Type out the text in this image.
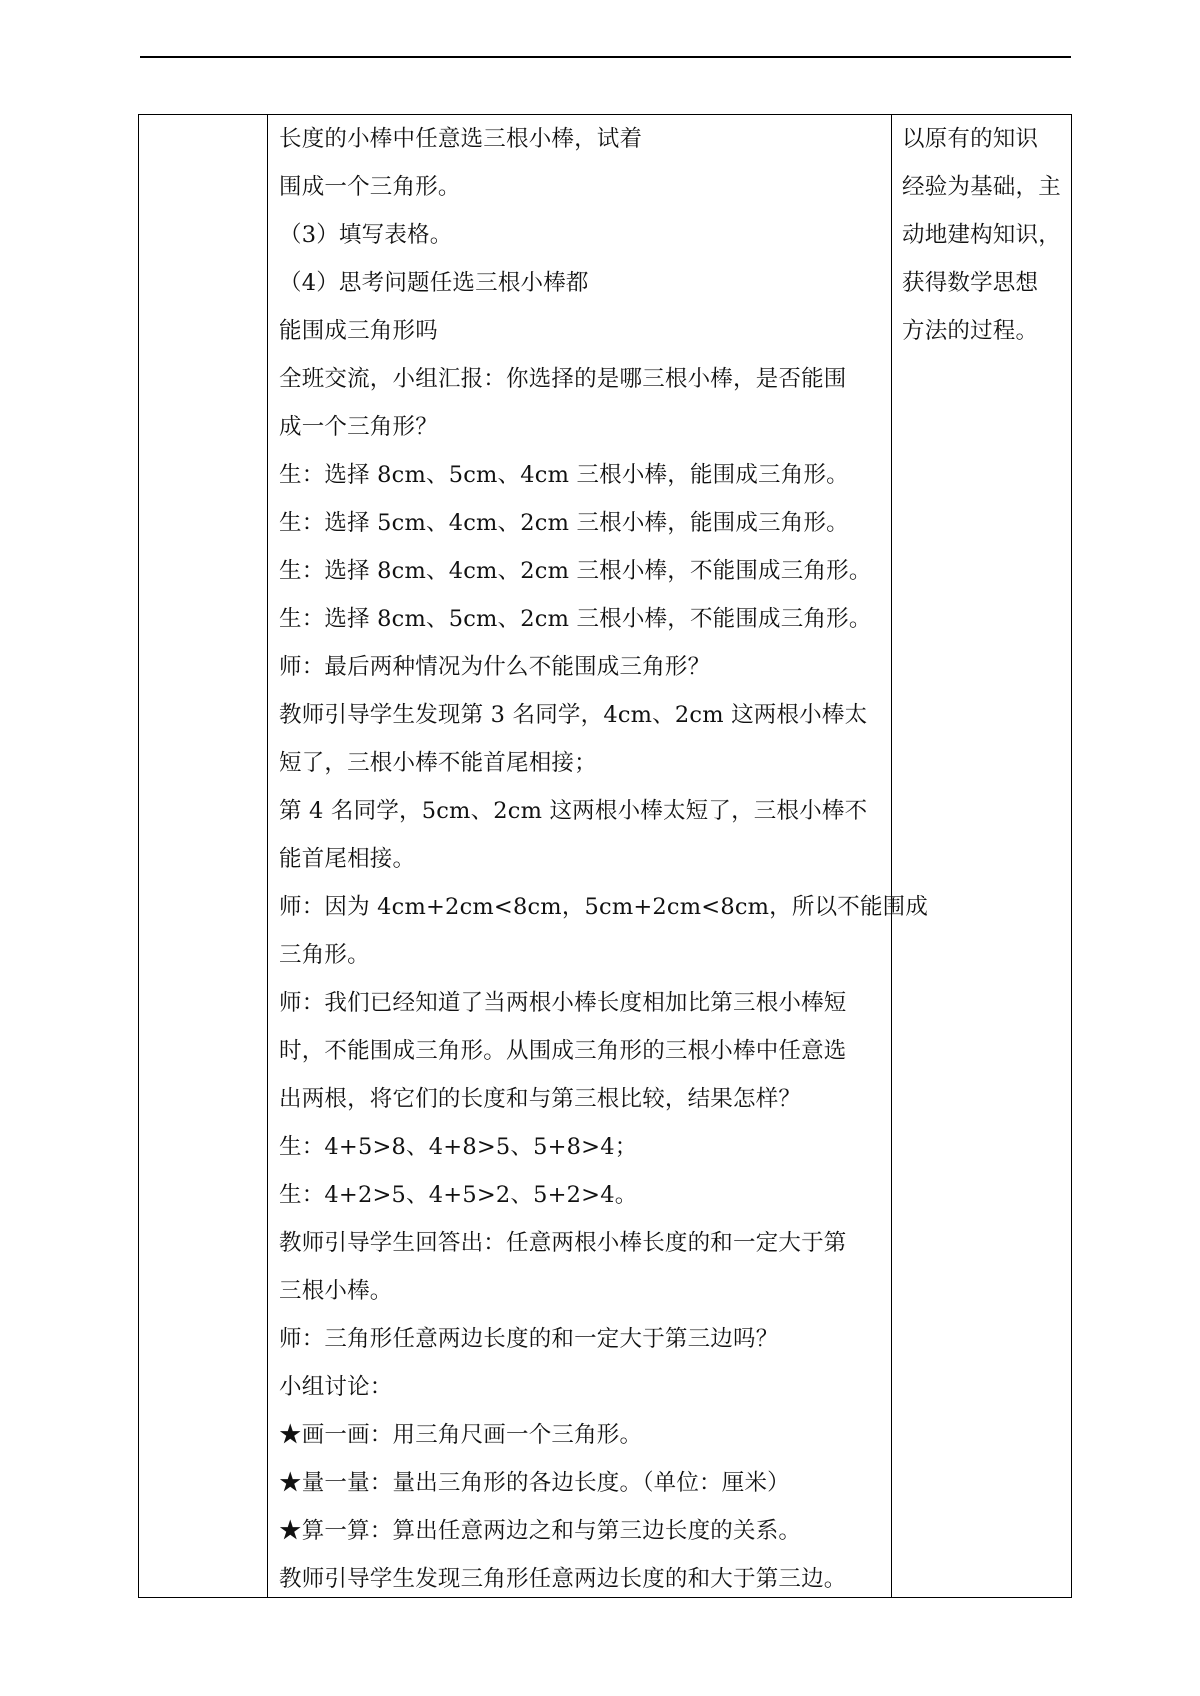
长度的小棒中任意选三根小棒，试着
围成一个三角形。
（3）填写表格。
（4）思考问题任选三根小棒都
能围成三角形吗
全班交流，小组汇报：你选择的是哪三根小棒，是否能围
成一个三角形？
生：选择 8cm、5cm、4cm 三根小棒，能围成三角形。
生：选择 5cm、4cm、2cm 三根小棒，能围成三角形。
生：选择 8cm、4cm、2cm 三根小棒，不能围成三角形。
生：选择 8cm、5cm、2cm 三根小棒，不能围成三角形。
师：最后两种情况为什么不能围成三角形？
教师引导学生发现第 3 名同学，4cm、2cm 这两根小棒太
短了，三根小棒不能首尾相接；
第 4 名同学，5cm、2cm 这两根小棒太短了，三根小棒不
能首尾相接。
师：因为 4cm+2cm<8cm，5cm+2cm<8cm，所以不能围成
三角形。
师：我们已经知道了当两根小棒长度相加比第三根小棒短
时，不能围成三角形。从围成三角形的三根小棒中任意选
出两根，将它们的长度和与第三根比较，结果怎样？
生：4+5>8、4+8>5、5+8>4；
生：4+2>5、4+5>2、5+2>4。
教师引导学生回答出：任意两根小棒长度的和一定大于第
三根小棒。
师：三角形任意两边长度的和一定大于第三边吗？
小组讨论：
★画一画：用三角尺画一个三角形。
★量一量：量出三角形的各边长度。（单位：厘米）
★算一算：算出任意两边之和与第三边长度的关系。
教师引导学生发现三角形任意两边长度的和大于第三边。
以原有的知识
经验为基础，主
动地建构知识，
获得数学思想
方法的过程。
